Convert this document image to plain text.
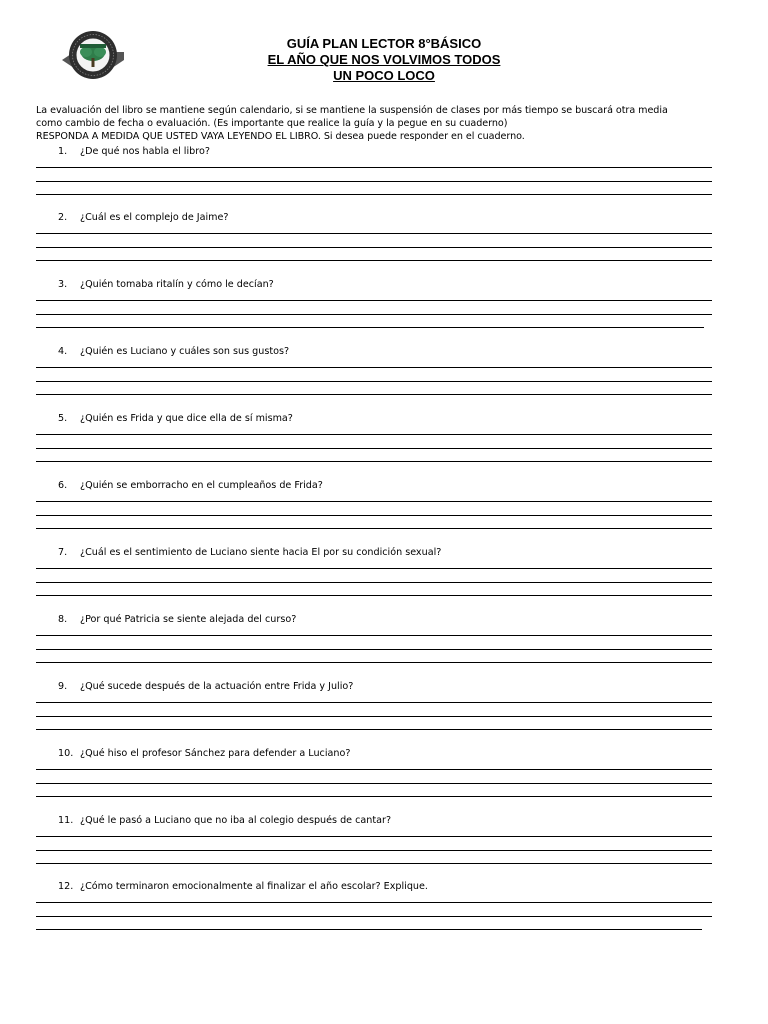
GUÍA PLAN LECTOR 8°BÁSICO
EL AÑO QUE NOS VOLVIMOS TODOS
UN POCO LOCO

La evaluación del libro se mantiene según calendario, si se mantiene la suspensión de clases por más tiempo se buscará otra media

como cambio de fecha o evaluación. (Es importante que realice la guía y la pegue en su cuaderno)

RESPONDA A MEDIDA QUE USTED VAYA LEYENDO EL LIBRO. Si desea puede responder en el cuaderno.

1. ¿De qué nos habla el libro?
2. ¿Cuál es el complejo de Jaime?
3. ¿Quién tomaba ritalín y cómo le decían?
4. ¿Quién es Luciano y cuáles son sus gustos?
5. ¿Quién es Frida y que dice ella de sí misma?
6. ¿Quién se emborracho en el cumpleaños de Frida?
7. ¿Cuál es el sentimiento de Luciano siente hacia El por su condición sexual?
8. ¿Por qué Patricia se siente alejada del curso?
9. ¿Qué sucede después de la actuación entre Frida y Julio?
10. ¿Qué hiso el profesor Sánchez para defender a Luciano?
11. ¿Qué le pasó a Luciano que no iba al colegio después de cantar?
12. ¿Cómo terminaron emocionalmente al finalizar el año escolar? Explique.
